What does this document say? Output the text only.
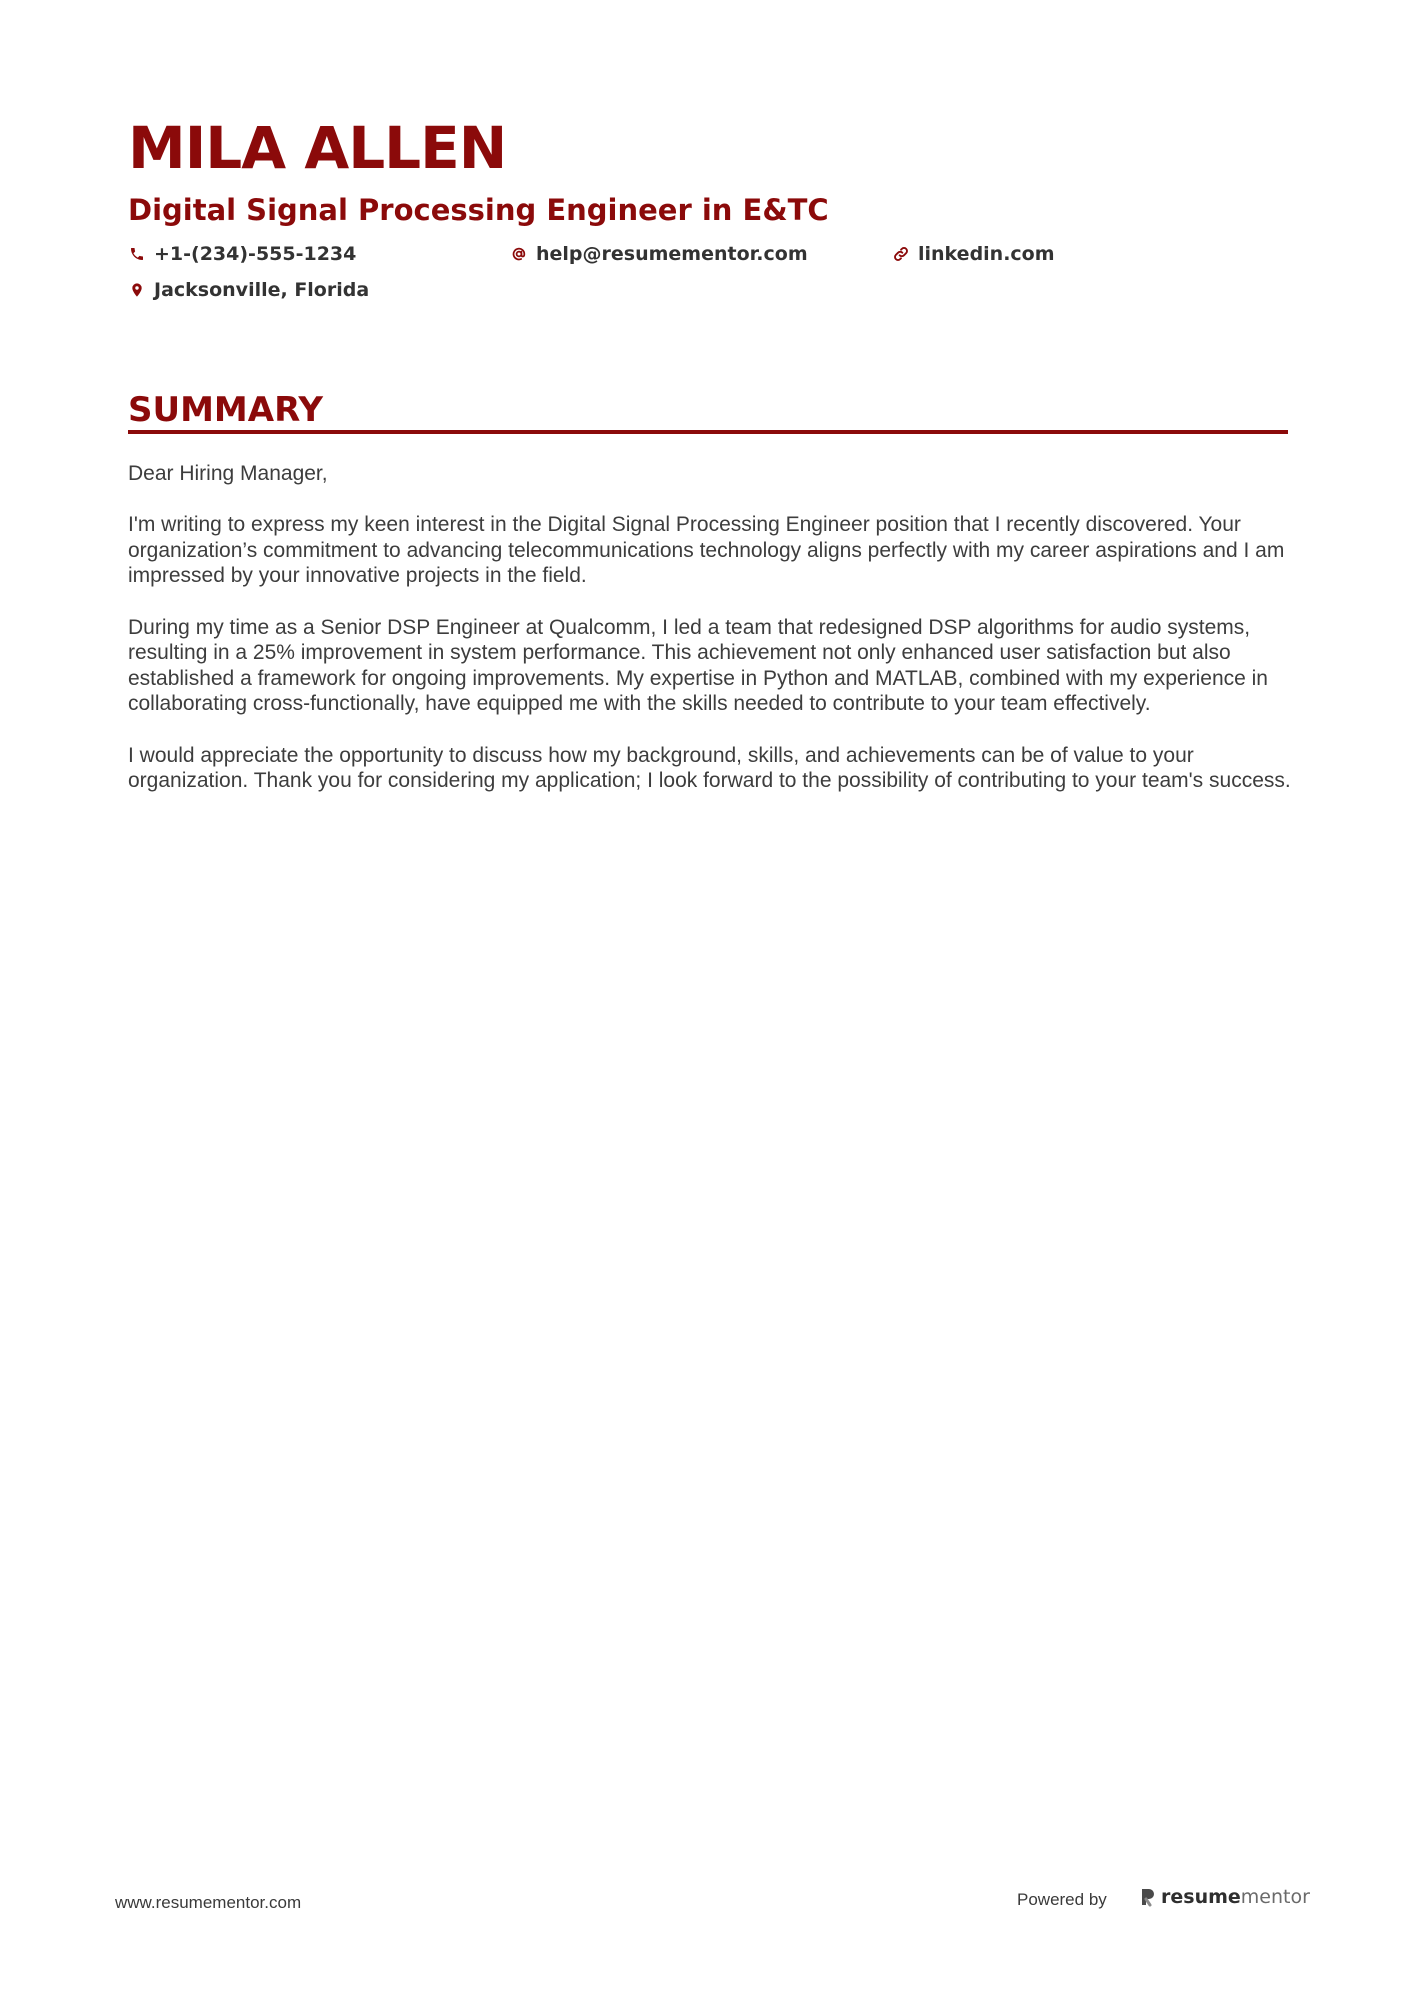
MILA ALLEN
Digital Signal Processing Engineer in E&TC
+1-(234)-555-1234	help@resumementor.com	linkedin.com
Jacksonville, Florida
SUMMARY

Dear Hiring Manager,

I'm writing to express my keen interest in the Digital Signal Processing Engineer position that I recently discovered. Your organization’s commitment to advancing telecommunications technology aligns perfectly with my career aspirations and I am impressed by your innovative projects in the field.

During my time as a Senior DSP Engineer at Qualcomm, I led a team that redesigned DSP algorithms for audio systems, resulting in a 25% improvement in system performance. This achievement not only enhanced user satisfaction but also established a framework for ongoing improvements. My expertise in Python and MATLAB, combined with my experience in collaborating cross-functionally, have equipped me with the skills needed to contribute to your team effectively.

I would appreciate the opportunity to discuss how my background, skills, and achievements can be of value to your organization. Thank you for considering my application; I look forward to the possibility of contributing to your team's success.

www.resumementor.com	Powered by	resume mentor
